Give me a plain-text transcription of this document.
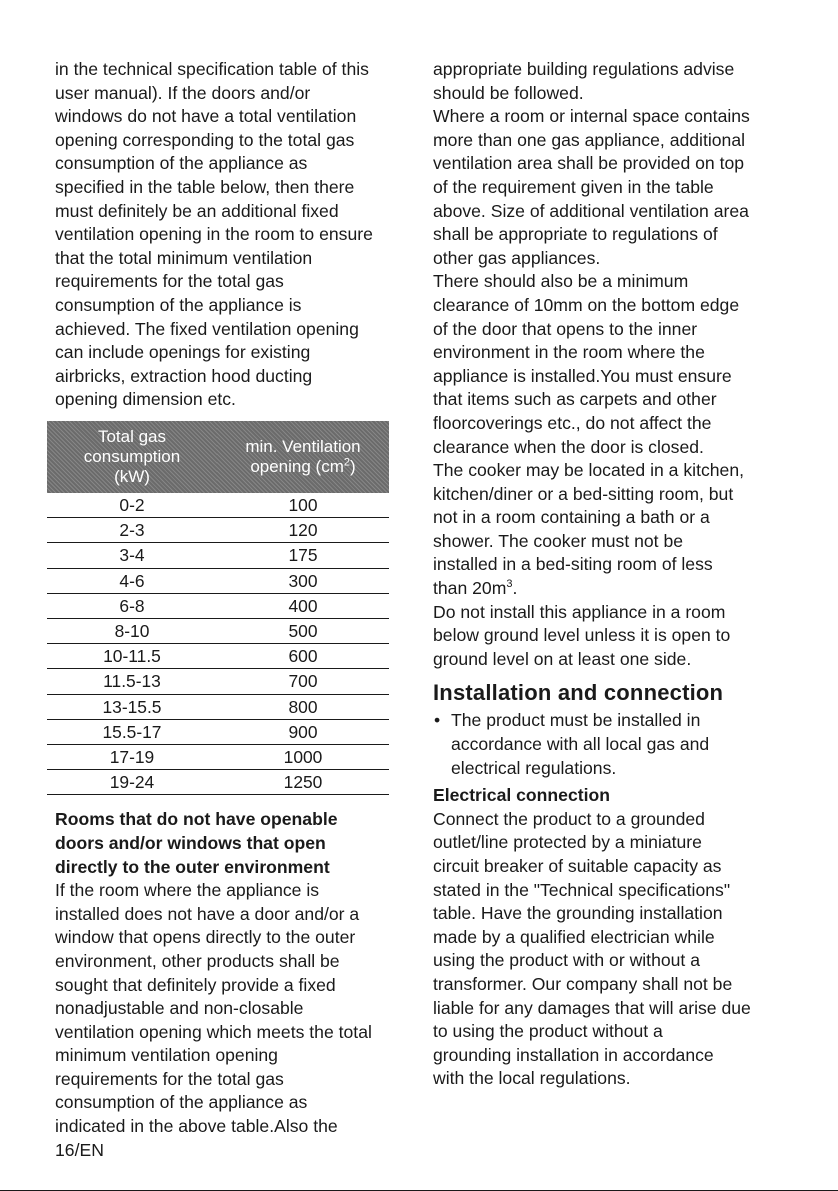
in the technical specification table of this
user manual). If the doors and/or
windows do not have a total ventilation
opening corresponding to the total gas
consumption of the appliance as
specified in the table below, then there
must definitely be an additional fixed
ventilation opening in the room to ensure
that the total minimum ventilation
requirements for the total gas
consumption of the appliance is
achieved. The fixed ventilation opening
can include openings for existing
airbricks, extraction hood ducting
opening dimension etc.

Total gas
consumption
(kW)	min. Ventilation
opening $(cm^2)$
0-2	100
2-3	120
3-4	175
4-6	300
6-8	400
8-10	500
10-11.5	600
11.5-13	700
13-15.5	800
15.5-17	900
17-19	1000
19-24	1250
Rooms that do not have openable
doors and/or windows that open
directly to the outer environment

If the room where the appliance is
installed does not have a door and/or a
window that opens directly to the outer
environment, other products shall be
sought that definitely provide a fixed
nonadjustable and non-closable
ventilation opening which meets the total
minimum ventilation opening
requirements for the total gas
consumption of the appliance as
indicated in the above table.Also the

appropriate building regulations advise
should be followed.
Where a room or internal space contains
more than one gas appliance, additional
ventilation area shall be provided on top
of the requirement given in the table
above. Size of additional ventilation area
shall be appropriate to regulations of
other gas appliances.
There should also be a minimum
clearance of 10mm on the bottom edge
of the door that opens to the inner
environment in the room where the
appliance is installed.You must ensure
that items such as carpets and other
floorcoverings etc., do not affect the
clearance when the door is closed.
The cooker may be located in a kitchen,
kitchen/diner or a bed-sitting room, but
not in a room containing a bath or a
shower. The cooker must not be
installed in a bed-siting room of less
than $20m^3$.

Do not install this appliance in a room
below ground level unless it is open to
ground level on at least one side.

Installation and connection
• The product must be installed in
accordance with all local gas and
electrical regulations.
Electrical connection

Connect the product to a grounded
outlet/line protected by a miniature
circuit breaker of suitable capacity as
stated in the "Technical specifications"
table. Have the grounding installation
made by a qualified electrician while
using the product with or without a
transformer. Our company shall not be
liable for any damages that will arise due
to using the product without a
grounding installation in accordance
with the local regulations.

16/EN
